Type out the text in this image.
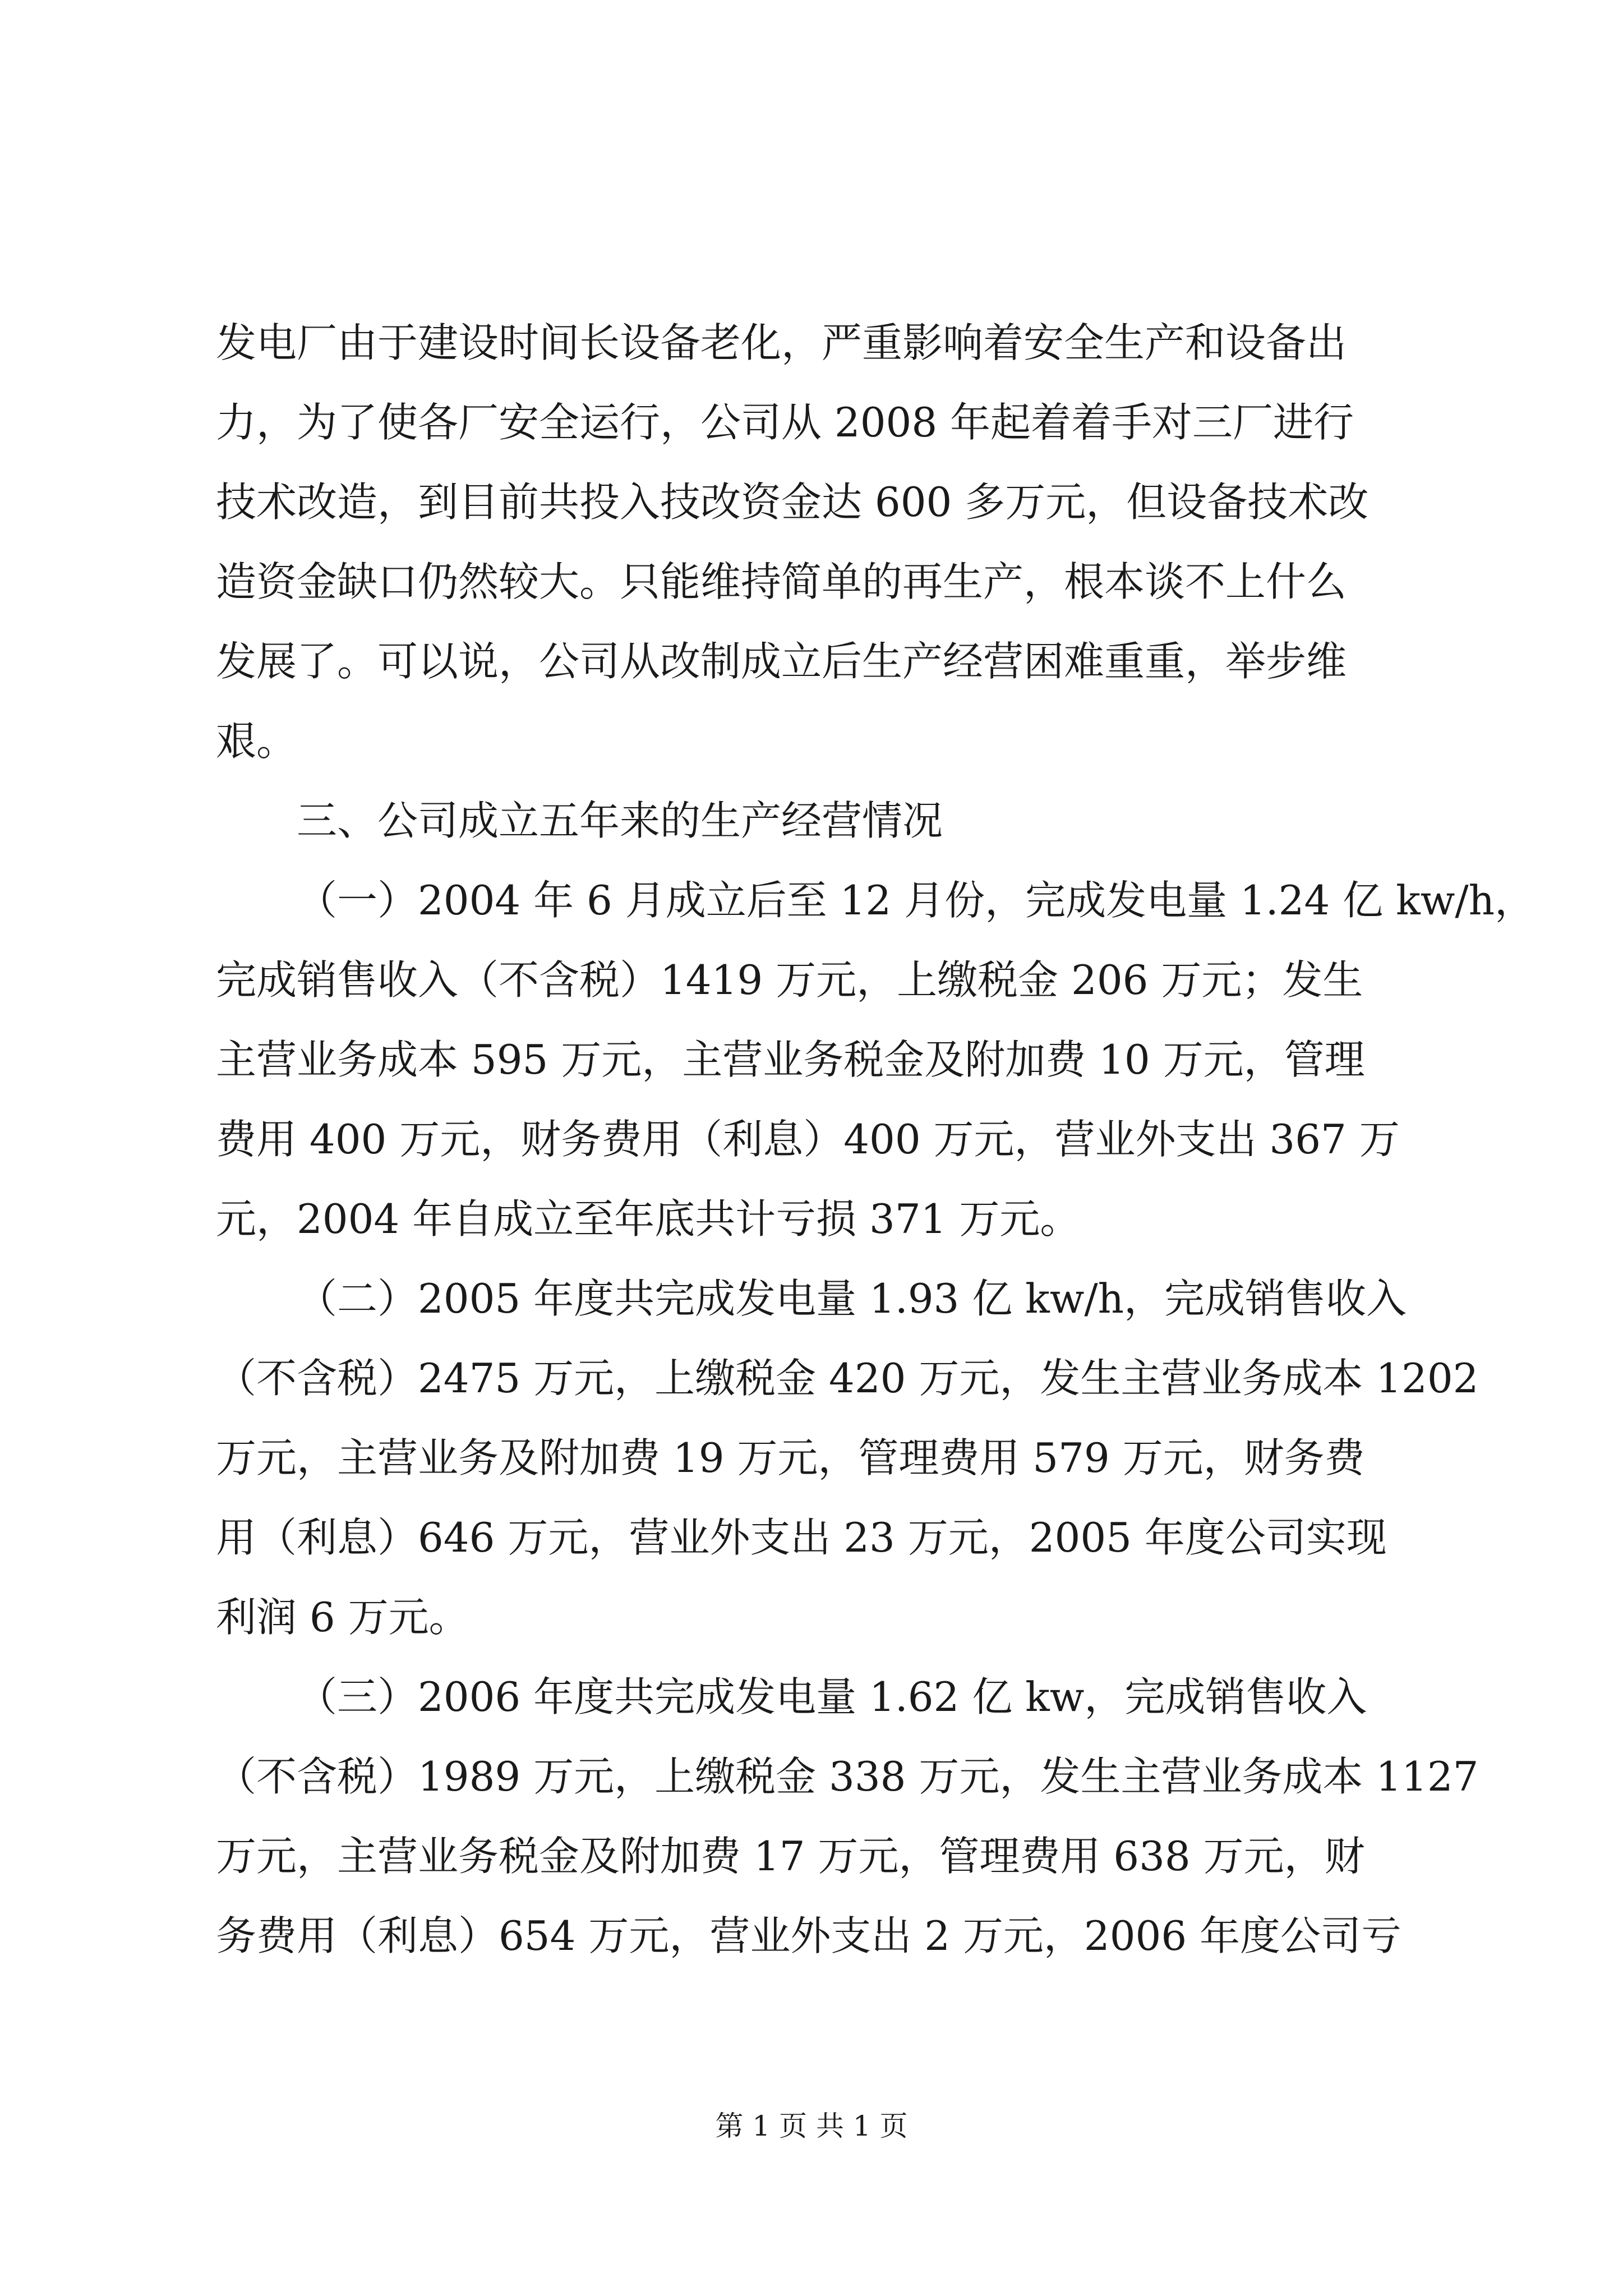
发电厂由于建设时间长设备老化，严重影响着安全生产和设备出
力，为了使各厂安全运行，公司从 2008 年起着着手对三厂进行
技术改造，到目前共投入技改资金达 600 多万元，但设备技术改
造资金缺口仍然较大。只能维持简单的再生产，根本谈不上什么
发展了。可以说，公司从改制成立后生产经营困难重重，举步维
艰。
三、公司成立五年来的生产经营情况
（一）2004 年 6 月成立后至 12 月份，完成发电量 1.24 亿 kw/h，
完成销售收入（不含税）1419 万元，上缴税金 206 万元；发生
主营业务成本 595 万元，主营业务税金及附加费 10 万元，管理
费用 400 万元，财务费用（利息）400 万元，营业外支出 367 万
元，2004 年自成立至年底共计亏损 371 万元。
（二）2005 年度共完成发电量 1.93 亿 kw/h，完成销售收入
（不含税）2475 万元，上缴税金 420 万元，发生主营业务成本 1202
万元，主营业务及附加费 19 万元，管理费用 579 万元，财务费
用（利息）646 万元，营业外支出 23 万元，2005 年度公司实现
利润 6 万元。
（三）2006 年度共完成发电量 1.62 亿 kw，完成销售收入
（不含税）1989 万元，上缴税金 338 万元，发生主营业务成本 1127
万元，主营业务税金及附加费 17 万元，管理费用 638 万元，财
务费用（利息）654 万元，营业外支出 2 万元，2006 年度公司亏
第 1 页 共 1 页
